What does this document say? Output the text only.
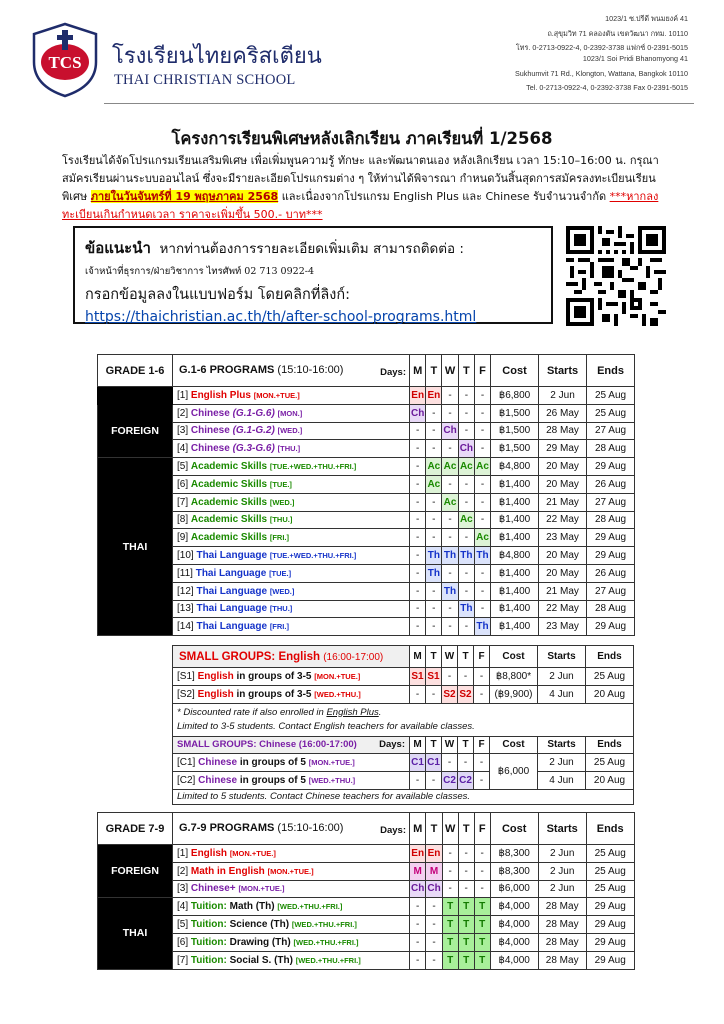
TCS โรงเรียนไทยคริสเตียน
THAI CHRISTIAN SCHOOL
1023/1 ซ.ปรีดี พนมยงค์ 41
ถ.สุขุมวิท 71 คลองตัน เขตวัฒนา กทม. 10110
โทร. 0-2713-0922-4, 0-2392-3738 แฟกซ์ 0-2391-5015
1023/1 Soi Pridi Bhanomyong 41
Sukhumvit 71 Rd., Klongton, Wattana, Bangkok 10110
Tel. 0-2713-0922-4, 0-2392-3738 Fax 0-2391-5015
โครงการเรียนพิเศษหลังเลิกเรียน ภาคเรียนที่ 1/2568
โรงเรียนได้จัดโปรแกรมเรียนเสริมพิเศษ เพื่อเพิ่มพูนความรู้ ทักษะ และพัฒนาตนเอง หลังเลิกเรียน เวลา 15:10–16:00 น. กรุณาสมัครเรียนผ่านระบบออนไลน์ ซึ่งจะมีรายละเอียดโปรแกรมต่าง ๆ ให้ท่านได้พิจารณา กำหนดวันสิ้นสุดการสมัครลงทะเบียนเรียนพิเศษ ภายในวันจันทร์ที่ 19 พฤษภาคม 2568 และเนื่องจากโปรแกรม English Plus และ Chinese รับจำนวนจำกัด ***หากลงทะเบียนเกินกำหนดเวลา ราคาจะเพิ่มขึ้น 500.- บาท***
ข้อแนะนำ หากท่านต้องการรายละเอียดเพิ่มเติม สามารถติดต่อ :
เจ้าหน้าที่ธุรการ/ฝ่ายวิชาการ ไทรศัพท์ 02 713 0922-4
กรอกข้อมูลลงในแบบฟอร์ม โดยคลิกที่ลิงก์:
https://thaichristian.ac.th/th/after-school-programs.html
GRADE 1-6	G.1-6 PROGRAMS (15:10-16:00) Days:	M	T	W	T	F	Cost	Starts	Ends
	[1] English Plus [MON.+TUE.]	En	En	-	-	-	฿6,800	2 Jun	25 Aug
FOREIGN	[2] Chinese (G.1-G.6) [MON.]	Ch	-	-	-	-	฿1,500	26 May	25 Aug
	[3] Chinese (G.1-G.2) [WED.]	-	-	Ch	-	-	฿1,500	28 May	27 Aug
	[4] Chinese (G.3-G.6) [THU.]	-	-	-	Ch	-	฿1,500	29 May	28 Aug
THAI	[5] Academic Skills [TUE.+WED.+THU.+FRI.]	-	Ac	Ac	Ac	Ac	฿4,800	20 May	29 Aug
	[6] Academic Skills [TUE.]	-	Ac	-	-	-	฿1,400	20 May	26 Aug
	[7] Academic Skills [WED.]	-	-	Ac	-	-	฿1,400	21 May	27 Aug
	[8] Academic Skills [THU.]	-	-	-	Ac	-	฿1,400	22 May	28 Aug
	[9] Academic Skills [FRI.]	-	-	-	-	Ac	฿1,400	23 May	29 Aug
	[10] Thai Language [TUE.+WED.+THU.+FRI.]	-	Th	Th	Th	Th	฿4,800	20 May	29 Aug
	[11] Thai Language [TUE.]	-	Th	-	-	-	฿1,400	20 May	26 Aug
	[12] Thai Language [WED.]	-	-	Th	-	-	฿1,400	21 May	27 Aug
	[13] Thai Language [THU.]	-	-	-	Th	-	฿1,400	22 May	28 Aug
	[14] Thai Language [FRI.]	-	-	-	-	Th	฿1,400	23 May	29 Aug
SMALL GROUPS: English (16:00-17:00)	M	T	W	T	F	Cost	Starts	Ends
[S1] English in groups of 3-5 [MON.+TUE.]	S1	S1	-	-	-	฿8,800*	2 Jun	25 Aug
[S2] English in groups of 3-5 [WED.+THU.]	-	-	S2	S2	-	(฿9,900)	4 Jun	20 Aug
* Discounted rate if also enrolled in English Plus.
Limited to 3-5 students. Contact English teachers for available classes.								
SMALL GROUPS: Chinese (16:00-17:00) Days:	M	T	W	T	F	Cost	Starts	Ends
[C1] Chinese in groups of 5 [MON.+TUE.]	C1	C1	-	-	-	฿6,000	2 Jun	25 Aug
[C2] Chinese in groups of 5 [WED.+THU.]	-	-	C2	C2	-		4 Jun	20 Aug
Limited to 5 students. Contact Chinese teachers for available classes.								
GRADE 7-9	G.7-9 PROGRAMS (15:10-16:00) Days:	M	T	W	T	F	Cost	Starts	Ends
FOREIGN	[1] English [MON.+TUE.]	En	En	-	-	-	฿8,300	2 Jun	25 Aug
	[2] Math in English [MON.+TUE.]	M	M	-	-	-	฿8,300	2 Jun	25 Aug
	[3] Chinese+ [MON.+TUE.]	Ch	Ch	-	-	-	฿6,000	2 Jun	25 Aug
THAI	[4] Tuition: Math (Th) [WED.+THU.+FRI.]	-	-	T	T	T	฿4,000	28 May	29 Aug
	[5] Tuition: Science (Th) [WED.+THU.+FRI.]	-	-	T	T	T	฿4,000	28 May	29 Aug
	[6] Tuition: Drawing (Th) [WED.+THU.+FRI.]	-	-	T	T	T	฿4,000	28 May	29 Aug
	[7] Tuition: Social S. (Th) [WED.+THU.+FRI.]	-	-	T	T	T	฿4,000	28 May	29 Aug
